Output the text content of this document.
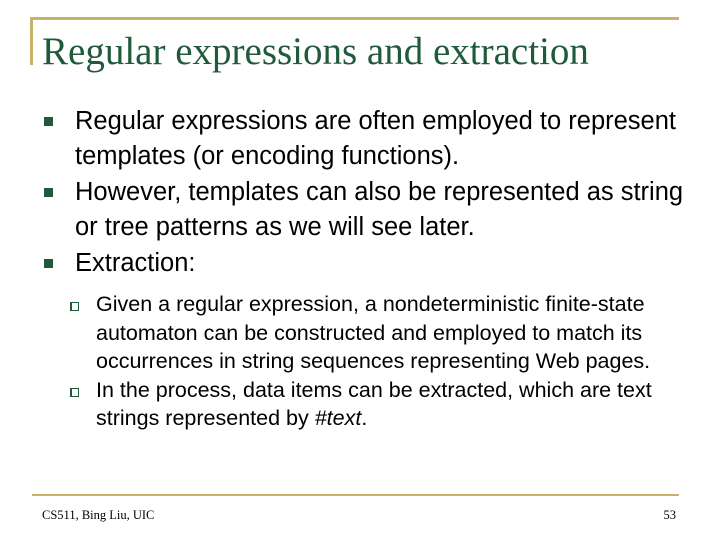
Regular expressions and extraction
Regular expressions are often employed to represent templates (or encoding functions).
However, templates can also be represented as string or tree patterns as we will see later.
Extraction:
Given a regular expression, a nondeterministic finite-state automaton can be constructed and employed to match its occurrences in string sequences representing Web pages.
In the process, data items can be extracted, which are text strings represented by #text.
CS511, Bing Liu, UIC	53
